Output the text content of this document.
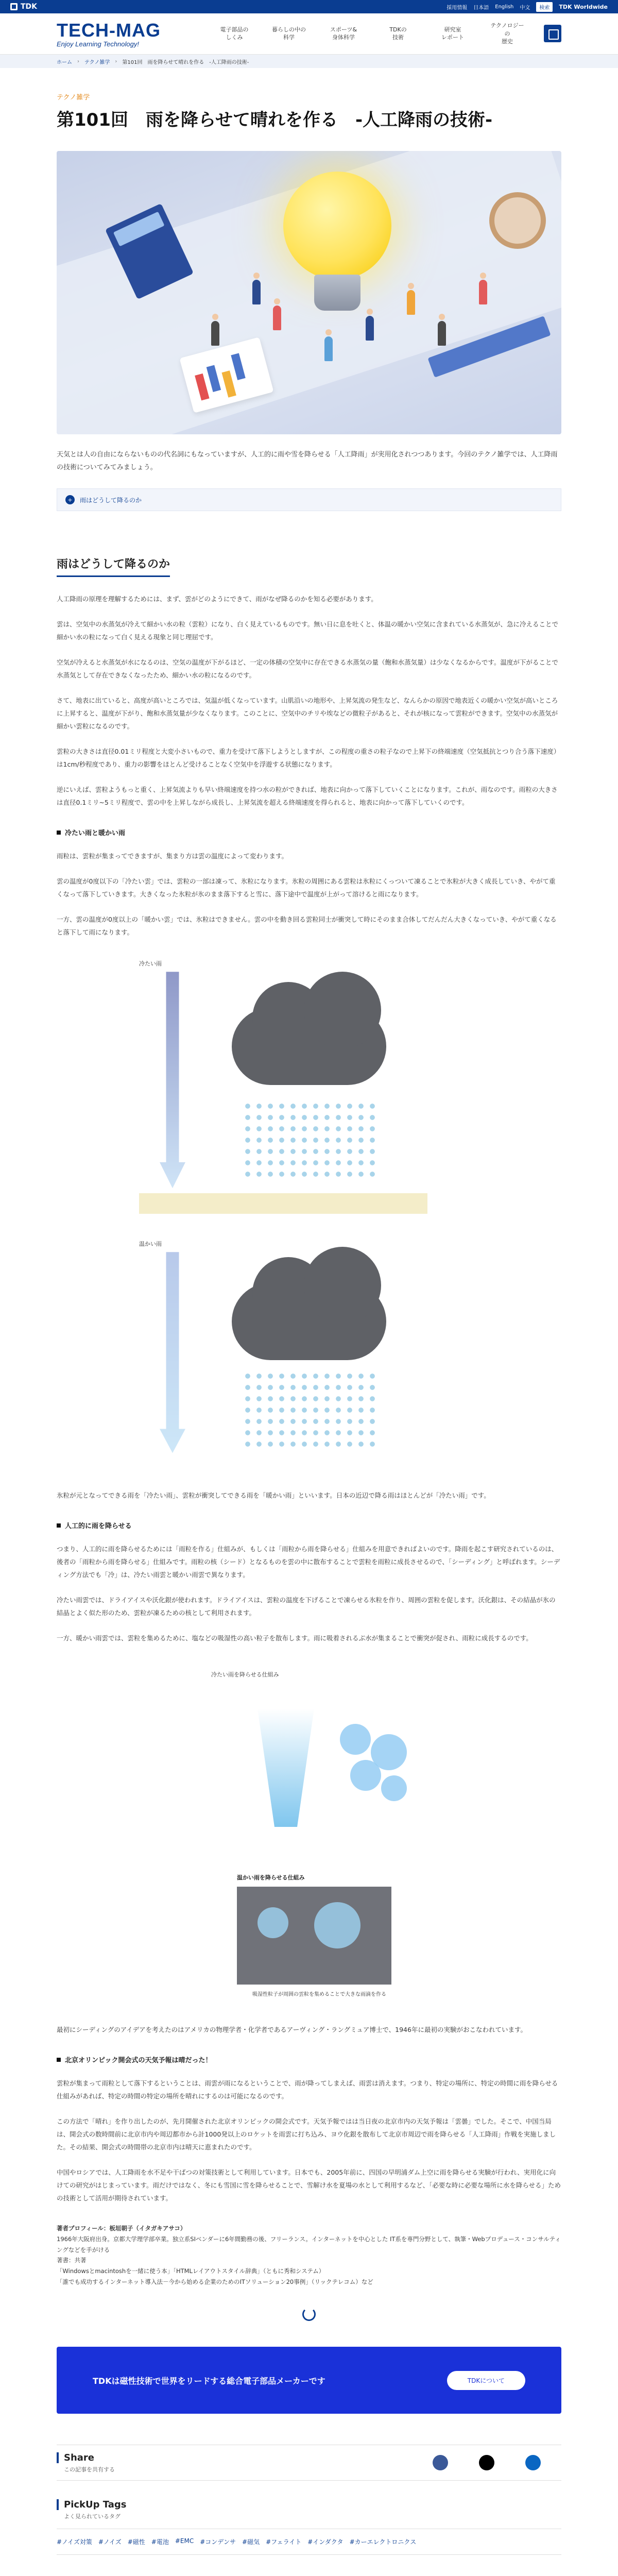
TDK	採用情報 日本語 English 中文	検索	TDK Worldwide
TECH-MAG
Enjoy Learning Technology!
電子部品の
しくみ
暮らしの中の
科学
スポーツ&
身体科学
TDKの
技術
研究室
レポート
テクノロジーの
歴史
ホーム › テクノ雑学 › 第101回　雨を降らせて晴れを作る　-人工降雨の技術-
テクノ雑学
第101回　雨を降らせて晴れを作る　-人工降雨の技術-

天気とは人の自由にならないものの代名詞にもなっていますが、人工的に雨や雪を降らせる「人工降雨」が実用化されつつあります。今回のテクノ雑学では、人工降雨の技術についてみてみましょう。

+	雨はどうして降るのか
雨はどうして降るのか

人工降雨の原理を理解するためには、まず、雲がどのようにできて、雨がなぜ降るのかを知る必要があります。

雲は、空気中の水蒸気が冷えて細かい水の粒（雲粒）になり、白く見えているものです。無い日に息を吐くと、体温の暖かい空気に含まれている水蒸気が、急に冷えることで細かい水の粒になって白く見える現象と同じ理屈です。

空気が冷えると水蒸気が水になるのは、空気の温度が下がるほど、一定の体積の空気中に存在できる水蒸気の量（飽和水蒸気量）は少なくなるからです。温度が下がることで水蒸気として存在できなくなったため、細かい水の粒になるのです。

さて、地表に出ていると、高度が高いところでは、気温が低くなっています。山肌沿いの地形や、上昇気流の発生など、なんらかの原因で地表近くの暖かい空気が高いところに上昇すると、温度が下がり、飽和水蒸気量が少なくなります。このことに、空気中のチリや埃などの微粒子があると、それが核になって雲粒ができます。空気中の水蒸気が細かい雲粒になるのです。

雲粒の大きさは直径0.01ミリ程度と大変小さいもので、重力を受けて落下しようとしますが、この程度の重さの粒子なので上昇下の終端速度（空気抵抗とつり合う落下速度）は1cm/秒程度であり、重力の影響をほとんど受けることなく空気中を浮遊する状態になります。

逆にいえば、雲粒ようもっと重く、上昇気流よりも早い終端速度を持つ水の粒ができれば、地表に向かって落下していくことになります。これが、雨なのです。雨粒の大きさは直径0.1ミリ~5ミリ程度で、雲の中を上昇しながら成長し、上昇気流を超える終端速度を得られると、地表に向かって落下していくのです。

冷たい雨と暖かい雨

雨粒は、雲粒が集まってできますが、集まり方は雲の温度によって変わります。

雲の温度が0度以下の「冷たい雲」では、雲粒の一部は凍って、氷粒になります。氷粒の周囲にある雲粒は氷粒にくっついて凍ることで氷粒が大きく成長していき、やがて重くなって落下していきます。大きくなった氷粒が氷のまま落下すると雪に、落下途中で温度が上がって溶けると雨になります。

一方、雲の温度が0度以上の「暖かい雲」では、氷粒はできません。雲の中を動き回る雲粒同士が衝突して時にそのまま合体してだんだん大きくなっていき、やがて重くなると落下して雨になります。

冷たい雨
温かい雨

氷粒が元となってできる雨を「冷たい雨」、雲粒が衝突してできる雨を「暖かい雨」といいます。日本の近辺で降る雨はほとんどが「冷たい雨」です。

人工的に雨を降らせる

つまり、人工的に雨を降らせるためには「雨粒を作る」仕組みが、もしくは「雨粒から雨を降らせる」仕組みを用意できればよいのです。降雨を起こす研究されているのは、後者の「雨粒から雨を降らせる」仕組みです。雨粒の核（シード）となるものを雲の中に散布することで雲粒を雨粒に成長させるので、「シーディング」と呼ばれます。シーディング方法でも「冷」は、冷たい雨雲と暖かい雨雲で異なります。

冷たい雨雲では、ドライアイスや沃化銀が使われます。ドライアイスは、雲粒の温度を下げることで凍らせる氷粒を作り、周囲の雲粒を促します。沃化銀は、その結晶が氷の結晶とよく似た形のため、雲粒が凍るための核として利用されます。

一方、暖かい雨雲では、雲粒を集めるために、塩などの吸湿性の高い粒子を散布します。雨に吸着されるぶ水が集まることで衝突が促され、雨粒に成長するのです。

冷たい雨を降らせる仕組み
温かい雨を降らせる仕組み
吸湿性粒子が周囲の雲粒を集めることで大きな雨滴を作る

最初にシーディングのアイデアを考えたのはアメリカの物理学者・化学者であるアーヴィング・ラングミュア博士で、1946年に最初の実験がおこなわれています。

北京オリンピック開会式の天気予報は晴だった！

雲粒が集まって雨粒として落下するということは、雨雲が雨になるということで、雨が降ってしまえば、雨雲は消えます。つまり、特定の場所に、特定の時間に雨を降らせる仕組みがあれば、特定の時間の特定の場所を晴れにするのは可能になるのです。

この方法で「晴れ」を作り出したのが、先月開催された北京オリンピックの開会式です。天気予報ではは当日夜の北京市内の天気予報は「雲曇」でした。そこで、中国当局は、開会式の数時間前に北京市内や周辺都市から計1000発以上のロケットを雨雲に打ち込み、ヨウ化銀を散布して北京市周辺で雨を降らせる「人工降雨」作戦を実施しました。その結果、開会式の時間帯の北京市内は晴天に恵まれたのです。

中国やロシアでは、人工降雨を水不足や干ばつの対策技術として利用しています。日本でも、2005年前に、四国の早明浦ダム上空に雨を降らせる実験が行われ、実用化に向けての研究がはじまっています。雨だけではなく、冬にも雪国に雪を降らせることで、雪解け水を夏場の水として利用するなど、「必要な時に必要な場所に水を降らせる」ための技術として活用が期待されています。

著者プロフィール：板垣朝子（イタガキアサコ）
1966年大阪府出身。京都大学理学部卒業。独立系SIベンダーに6年間勤務の後、フリーランス。インターネットを中心とした IT系を専門分野として、執筆・Webプロデュース・コンサルティングなどを手がける
著書：共著
「Windowsとmacintoshを一緒に使う本」「HTMLレイアウトスタイル辞典」（ともに秀和システム）
「誰でも成功するインターネット導入法－今から始める企業のためのITソリューション20事例」（リックテレコム）など
TDKは磁性技術で世界をリードする総合電子部品メーカーです	TDKについて
Share
この記事を共有する
PickUp Tags
よく見られているタグ
#ノイズ対策 #ノイズ #磁性 #電池 #EMC #コンデンサ #磁気 #フェライト #インダクタ #カーエレクトロニクス
